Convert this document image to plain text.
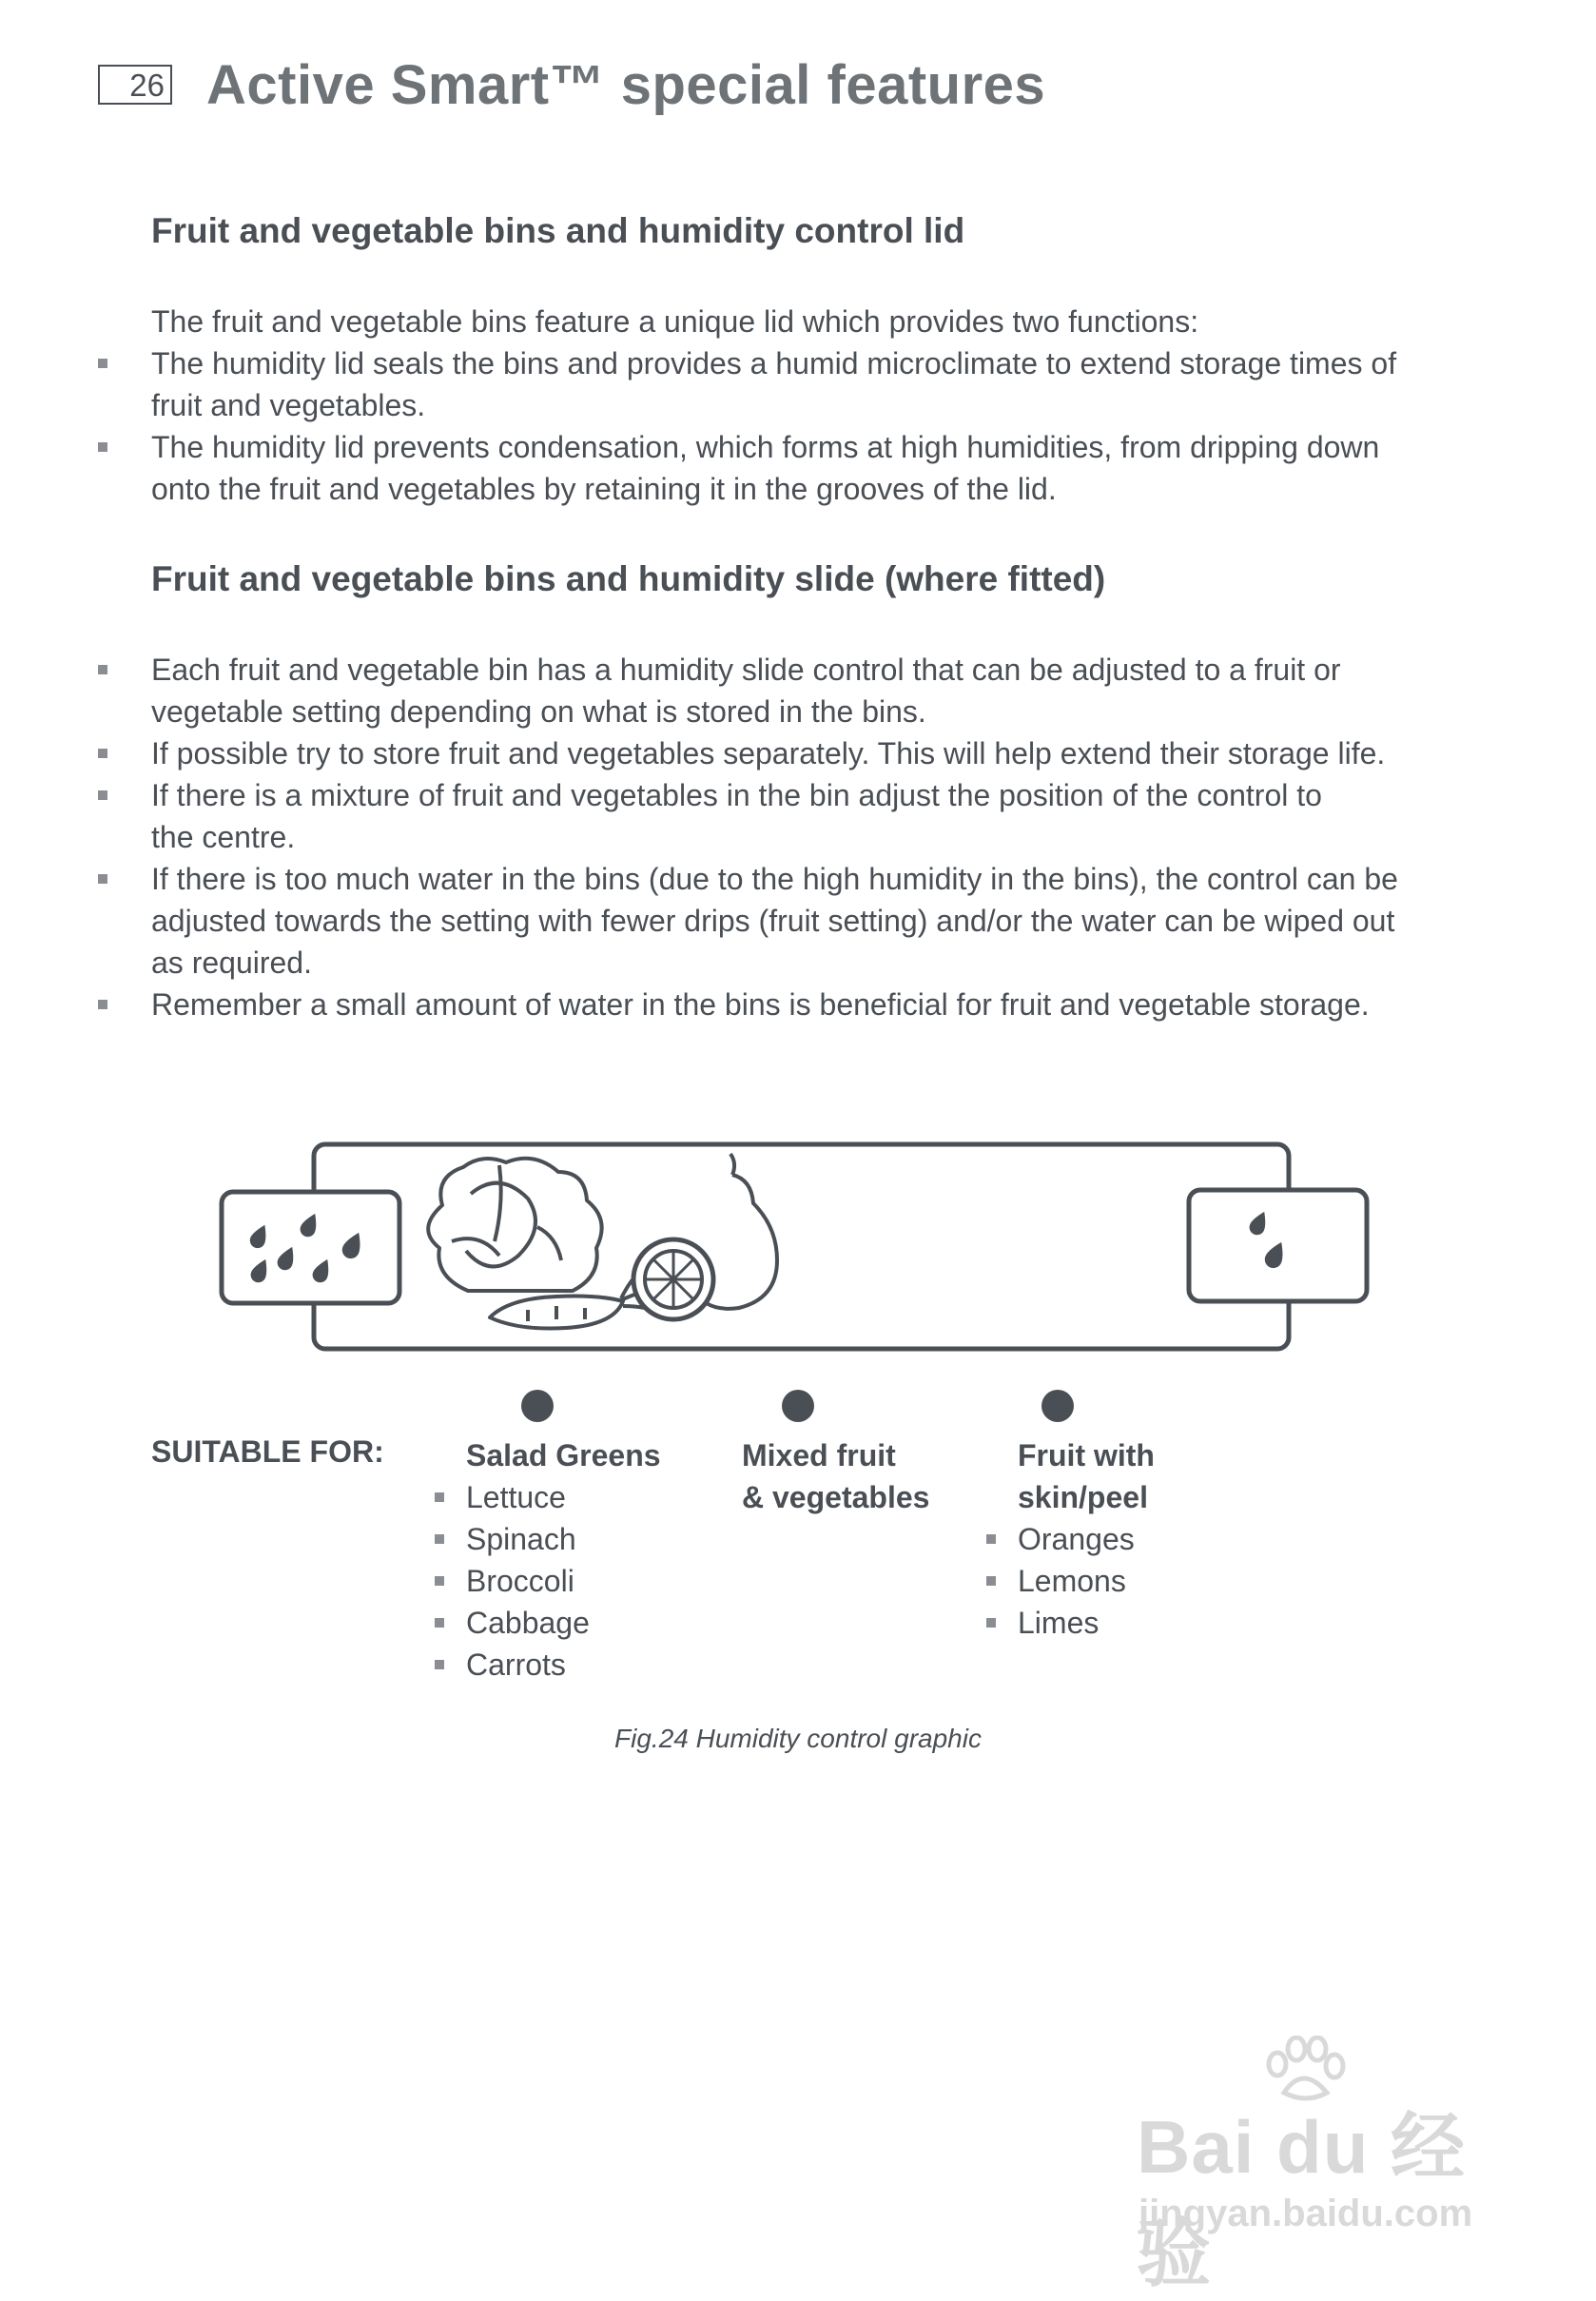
26 Active Smart™ special features
Fruit and vegetable bins and humidity control lid

The fruit and vegetable bins feature a unique lid which provides two functions:

The humidity lid seals the bins and provides a humid microclimate to extend storage times of
fruit and vegetables.
The humidity lid prevents condensation, which forms at high humidities, from dripping down
onto the fruit and vegetables by retaining it in the grooves of the lid.
Fruit and vegetable bins and humidity slide (where fitted)
Each fruit and vegetable bin has a humidity slide control that can be adjusted to a fruit or
vegetable setting depending on what is stored in the bins.
If possible try to store fruit and vegetables separately. This will help extend their storage life.
If there is a mixture of fruit and vegetables in the bin adjust the position of the control to
the centre.
If there is too much water in the bins (due to the high humidity in the bins), the control can be
adjusted towards the setting with fewer drips (fruit setting) and/or the water can be wiped out
as required.
Remember a small amount of water in the bins is beneficial for fruit and vegetable storage.

SUITABLE FOR:	Salad Greens

Lettuce
Spinach
Broccoli
Cabbage
Carrots

Mixed fruit

& vegetables

Fruit with

skin/peel

Oranges
Lemons
Limes

Fig.24 Humidity control graphic

Bai du 经验
jingyan.baidu.com
